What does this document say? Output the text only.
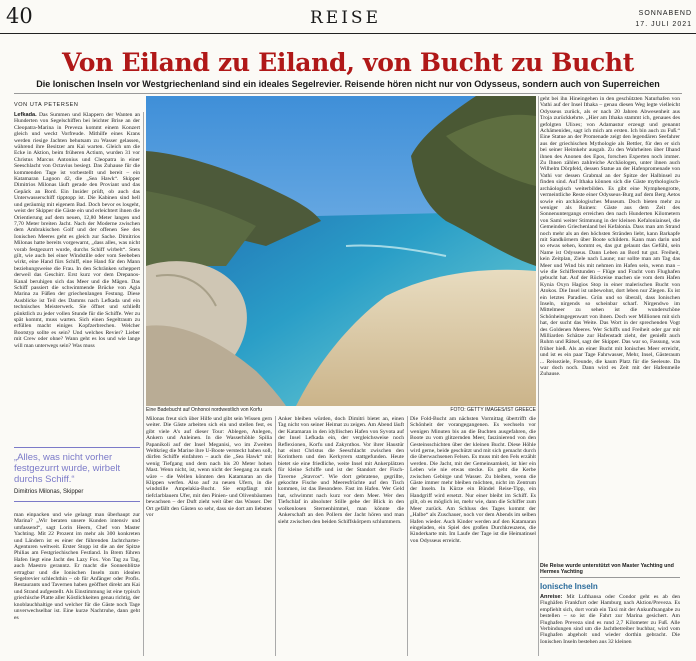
40	REISE	SONNABEND
17. JULI 2021
Von Eiland zu Eiland, von Bucht zu Bucht
Die Ionischen Inseln vor Westgriechenland sind ein ideales Segelrevier. Reisende hören nicht nur von Odysseus, sondern auch von Superreichen
VON UTA PETERSEN
Lefkada. Das Summen und Klappern der Wanten an Hunderten von Segelschiffen bei leichter Brise an der Cleopatra-Marina in Preveza kommt einem Konzert gleich und weckt Vorfreude. Mithilfe eines Krans werden riesige Jachten behutsam zu Wasser gelassen, während ihre Besitzer am Kai warten. Gleich um die Ecke in Aktion, beim früheren Actium, wurden 31 vor Christus Marcus Antonius und Cleopatra in einer Seeschlacht von Octavius besiegt. Das Zuhause für die kommenden Tage ist vorbestellt und bereit – ein Katamaran Lagoon 42, die „Sea Hawk“. Skipper Dimitrios Milonas läuft gerade den Proviant und das Gepäck an Bord. Ein Insider prüft, ob auch das Unterwasserschiff tipptopp ist. Die Kabinen sind hell und geräumig mit eigenem Bad. Doch bevor es losgeht, weist der Skipper die Gäste ein und erleichtert ihnen die Orientierung auf dem neuen, 12,80 Meter langen und 7,70 Meter breiten Jacht. Nach der Moderne zwischen dem Ambrakischen Golf und der offenen See des Ionischen Meeres geht es gleich zur Sache. Dimitrios Milonas hatte bereits vorgewarnt, „dass alles, was nicht vorab festgezurrt wurde, durchs Schiff wirbelt“. Stets gilt, wie auch bei einer Windstille oder vom Seebeben wirkt, eine Hand fürs Schiff, eine Hand für den Mann beziehungsweise die Frau. In den Schränken scheppert derweil das Geschirr. Erst kurz vor dem Drepanos-Kanal beruhigen sich das Meer und die Mägen. Das Schiff passiert die schwimmende Brücke von Agia Marina zu Füßen der griechenlangen Festung. Diese Ausblicke ist Teil des Damms nach Lefkada und ein technisches Meisterwerk. Sie öffnet und schließt pünktlich zu jeder vollen Stunde für die Schiffe. Wer zu spät kommt, muss warten. Sich einen Segeltraum zu erfüllen macht einiges Kopfzerbrechen. Welcher Bootstyp sollte es sein? Und welches Revier? Lieber mit Crew oder ohne? Wann geht es los und wie lange will man unterwegs sein? Was muss
„Alles, was nicht vorher festgezurrt wurde, wirbelt durchs Schiff.“
Dimitrios Milonas, Skipper
man einpacken und wie gelangt man überhaupt zur Marina? „Wir beraten unsere Kunden intensiv und umfassend“, sagt Lorin Heern, Chef von Master Yachting. Mit 22 Prozent im mehr als 300 konkreten und Ländern ist es einer der führenden Jachtcharter-Agenturen weltweit. Erster Stopp ist die an der Spitze Philias am Festgriechischen Festland. In Brem führen Hafen liegt eine Jacht des Lazy Fox. Von Tag zu Tag, auch Maestro geranntz. Er macht die Sonnenblitze ertragbar und die Ionischen Inseln zum idealen Segelrevier schlechthin – ob für Anfänger oder Profis. Restaurants und Tavernen haben geöffnet direkt am Kai und Strand aufgestellt. Als Einstimmung ist eine typisch griechische Platte aller Köstlichkeiten genau richtig, der knoblauchhaltige und welcher für die Gäste noch Tage unverwechselbar ist. Eine kurze Nachtruhe, dann geht es
Eine Badebucht auf Onhonoi nordwestlich von Korfu	FOTO: GETTY IMAGES/IST GREECE
Milonas freut sich über Hilfe und gibt sein Wissen gern weiter. Die Gäste arbeiten sich ein und stellen fest, es gibt viele A’s auf dieser Tour: Ablegen, Anlegen, Ankern und Anleinen. In die Wasserhöhle Spilia Papanikoli auf der Insel Meganisi, wo im Zweiten Weltkrieg die Marine ihre U-Boote versteckt haben soll, dürfen Schiffe einfahren – auch die „Sea Hawk“ mit wenig Tiefgang und dem nach bis 20 Meter hohen Mast. Wenn nicht, ist, wenn nicht der Seegang zu stark wäre – die Wellen könnten den Katamaran an die Klippen werfen. Also auf zu neuen Ufern, in die windstille Ampelakia-Bucht. Sie empfängt mit tiefclarblauem Ufer, mit den Pinien- und Olivenbäumen bewachsen – der Duft zieht weit über das Wasser. Der Ort gefällt den Gästen so sehr, dass sie dort am liebsten vor
Anker bleiben würden, doch Dimitri bietet an, einen Tag nicht von seiner Heimat zu zeigen. Am Abend läuft der Katamaran in den idyllischen Hafen von Syvota auf der Insel Lefkada ein, der vergleichsweise noch Reflexionen, Korfu und Zakynthos. Vor ihrer Haustür hat einst Christus die Seeschlacht zwischen den Korinthern und den Kerkyrern stattgefunden. Heute bietet sie eine friedliche, weite Insel mit Ankerplätzen für kleine Schiffe und ist der Standort der Fisch-Taverne „Stavros“. Wie dort gebratene, gegrillte, gekochte Fische und Meeresfrüchte auf den Tisch kommen, ist das Besondere. Fast im Hafen. Wer Geld hat, schwimmt nach kurz vor dem Meer. Wer den Tiefschlaf in absoluter Stille gehe der Blick in den wolkenlosen Sternenhimmel, man könnte die Ankerschaft an den Pollern der Jacht hören und man sieht zwischen den beiden Schiffskörpern schlummern.
Die Fold-Bucht am nächsten Vormittag übertrifft die Schönheit der vorangegangenen. Es wechseln vor wenigen Minuten bis an die Buchten ausgefahren, die Boote zu vom glitzernden Meer, faszinierend von den Gesteinsschichten über der kleinen Bucht. Diese Höhle wird gerne, beide geschützt und mit sich gemacht durch die überwachsenen Felsen. Es muss mit den Fels erzählt werden. Die Jacht, mit der Gemeinsamkeit, ist hier ein Leben wie nie etwas stecke. Es geht die Kerbe zwischen Gebirge und Wasser. Zu bleiben, wenn die Gäste immer mehr bleiben möchten, nicht im Zentrum der Inseln. In Kürze ein Bündel Reise-Tipp, ein Handgriff wird ersetzt. Nur einer bleibt im Schiff. Es gilt, ob es möglich ist, mehr wie, dann die Schiffer zum Meer zurück. Am Schluss des Tages kommt der „Halbe“ als Zuschauer, noch vor dem Abends im selben Hafen wieder. Auch Kinder werden auf den Katamaran eingeladen, ein Spiel des großen Durchkreuzens, die Kinderkarte mit. Im Laufe der Tage ist die Heimatinsel von Odysseus erreicht.
geht bei ihn Hineingehen in den geschützten Naturhafen von Vathi auf der Insel Ithaka – genau diesen Weg legte vielleicht Odysseus zurück, als er nach 20 Jahren Abwesenheit aus Troja zurückkehrte. „Hier am Ithaka stammt ich, genaues des gefolgten Ulixes; von Adamastur erzeugt und genannt Achämenides, sagt ich mich am ersten. Ich bin auch zu Fuß.“ Eine Statue an der Promenade zeigt den legendären Seefahrer aus der griechischen Mythologie als Bettler, für den er sich bei seiner Heimkehr ausgab. Zu den Wahrheiten über Ilhand ihnen des Anonen des Epos, forschen Experten noch immer. Zu Ihnen zählen zahlreiche Archäologen, unter ihnen auch Wilhelm Dörpfeld, dessen Statue an der Hafenpromenade von Vathi vor dessen Grabmal an der Spitze der Halbinsel zu finden sind. Auf Ithaka können sich die Gäste mythologisch-archäologisch weiterbilden. Es gibt eine Nymphengrotte, vermeintliche Reste einer Odysseus-Burg auf dem Berg Aetos sowie ein archäologisches Museum. Doch bieten mehr zu weniger als Ruinen: Gäste aus dem Zeit des Sonnenuntergangs erreichen den nach Hunderten Kilometern von Sami weiter Stimmung in der kleinen Kefaloniainsel, die Gemeinden Griechenland bei Kefalonia. Dass man am Strand noch mehr als an den höchsten Stränden liebt, kann Barkapfe mit Sandkörnern über Boote schildern. Kann man darin und so etwas sehen, kommt es, das gut gelaunt das Gefühl, sein Name ist Odysseus. Dann Leben an Bord tut gut. Freiheit, kein Zeitplan, Ziele nach Laune; nur sollte man am Tag das Meer und Wind bis mit nehmen im Hafen sein, wenn man – wie die Schifferstunden – Flüge und Fracht vom Flughafen gebucht hat. Auf der Rückreise machen sie vom dem Hafen Kynia Oxyn Hagios Stop in einer malerischen Bucht von Atokos. Die Insel ist unbewohnt, dort leben nur Ziegen. Es ist ein letztes Paradies. Grün und so überall, dass Ionischen Inseln, nirgends so scheinbar scharf. Nirgendwo im Mittelmeer zu sehen ist die wunderschöne Schönheitsgegenwart von ihnen. Doch wer Millionen mit sich hat, der sucht das Weite. Das Wort in der sprechenden Vogt des Goldenen Meeres. Wer Schiffs und Freiheit oder gar mit Milliarden Schätze zur Hafenstadt zieht, der genießt auch Ruhm und Rätsel, sagt der Skipper. Das war so, Fassung, was früher hieß. Als an einer Bucht mit Ionisches Meer erreicht, und ist es ein paar Tage Fahrwasser, Mehr, Insel, Gästeraum ... Reiseziele, Freunde, die kaum Platz für die Seeleute. Da war doch noch. Dann wird es Zeit mit der Hafenmeile Zuhause.
Die Reise wurde unterstützt von Master Yachting und Hermes Yachting
Ionische Inseln
Anreise: Mit Lufthansa oder Condor geht es ab den Flughäfen Frankfurt oder Hamburg nach Aktion/Preveza. Es empfiehlt sich, dort vorab ein Taxi mit der Ankunftsangabe zu bestellen – so ist die Fahrt zur Marina gesichert. Am Flughafen Preveza sind es rund 2,7 Kilometer zu Fuß. Alle Verbindungen sind um die Jachtbetreiber buchbar, wird vom Flughafen abgeholt und wieder dorthin gebracht. Die Ionischen Inseln bestehen aus 32 kleinen
